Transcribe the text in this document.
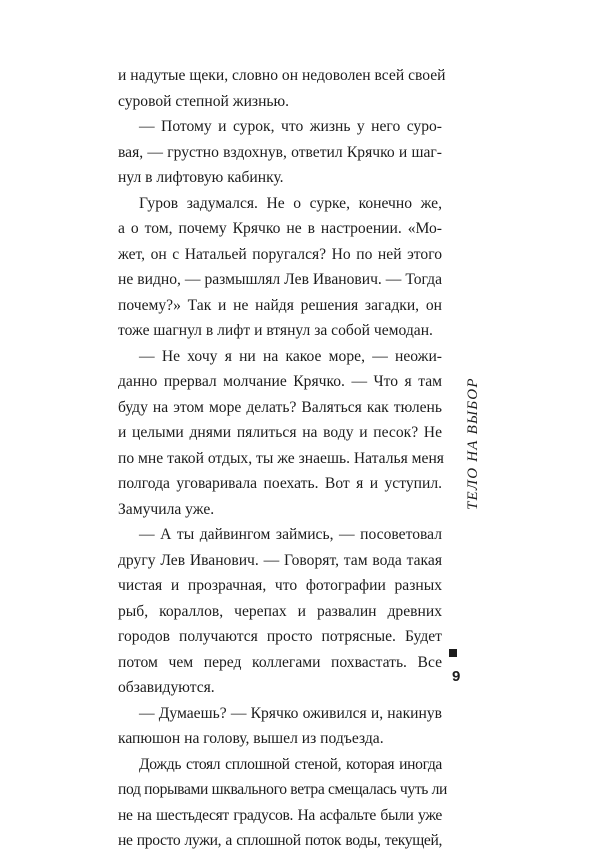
и надутые щеки, словно он недоволен всей своей
суровой степной жизнью.
— Потому и сурок, что жизнь у него суро-
вая, — грустно вздохнув, ответил Крячко и шаг-
нул в лифтовую кабинку.
Гуров задумался. Не о сурке, конечно же,
а о том, почему Крячко не в настроении. «Мо-
жет, он с Натальей поругался? Но по ней этого
не видно, — размышлял Лев Иванович. — Тогда
почему?» Так и не найдя решения загадки, он
тоже шагнул в лифт и втянул за собой чемодан.
— Не хочу я ни на какое море, — неожи-
данно прервал молчание Крячко. — Что я там
буду на этом море делать? Валяться как тюлень
и целыми днями пялиться на воду и песок? Не
по мне такой отдых, ты же знаешь. Наталья меня
полгода уговаривала поехать. Вот я и уступил.
Замучила уже.
— А ты дайвингом займись, — посоветовал
другу Лев Иванович. — Говорят, там вода такая
чистая и прозрачная, что фотографии разных
рыб, кораллов, черепах и развалин древних
городов получаются просто потрясные. Будет
потом чем перед коллегами похвастать. Все
обзавидуются.
— Думаешь? — Крячко оживился и, накинув
капюшон на голову, вышел из подъезда.
Дождь стоял сплошной стеной, которая иногда
под порывами шквального ветра смещалась чуть ли
не на шестьдесят градусов. На асфальте были уже
не просто лужи, а сплошной поток воды, текущей,
ТЕЛО НА ВЫБОР
9
